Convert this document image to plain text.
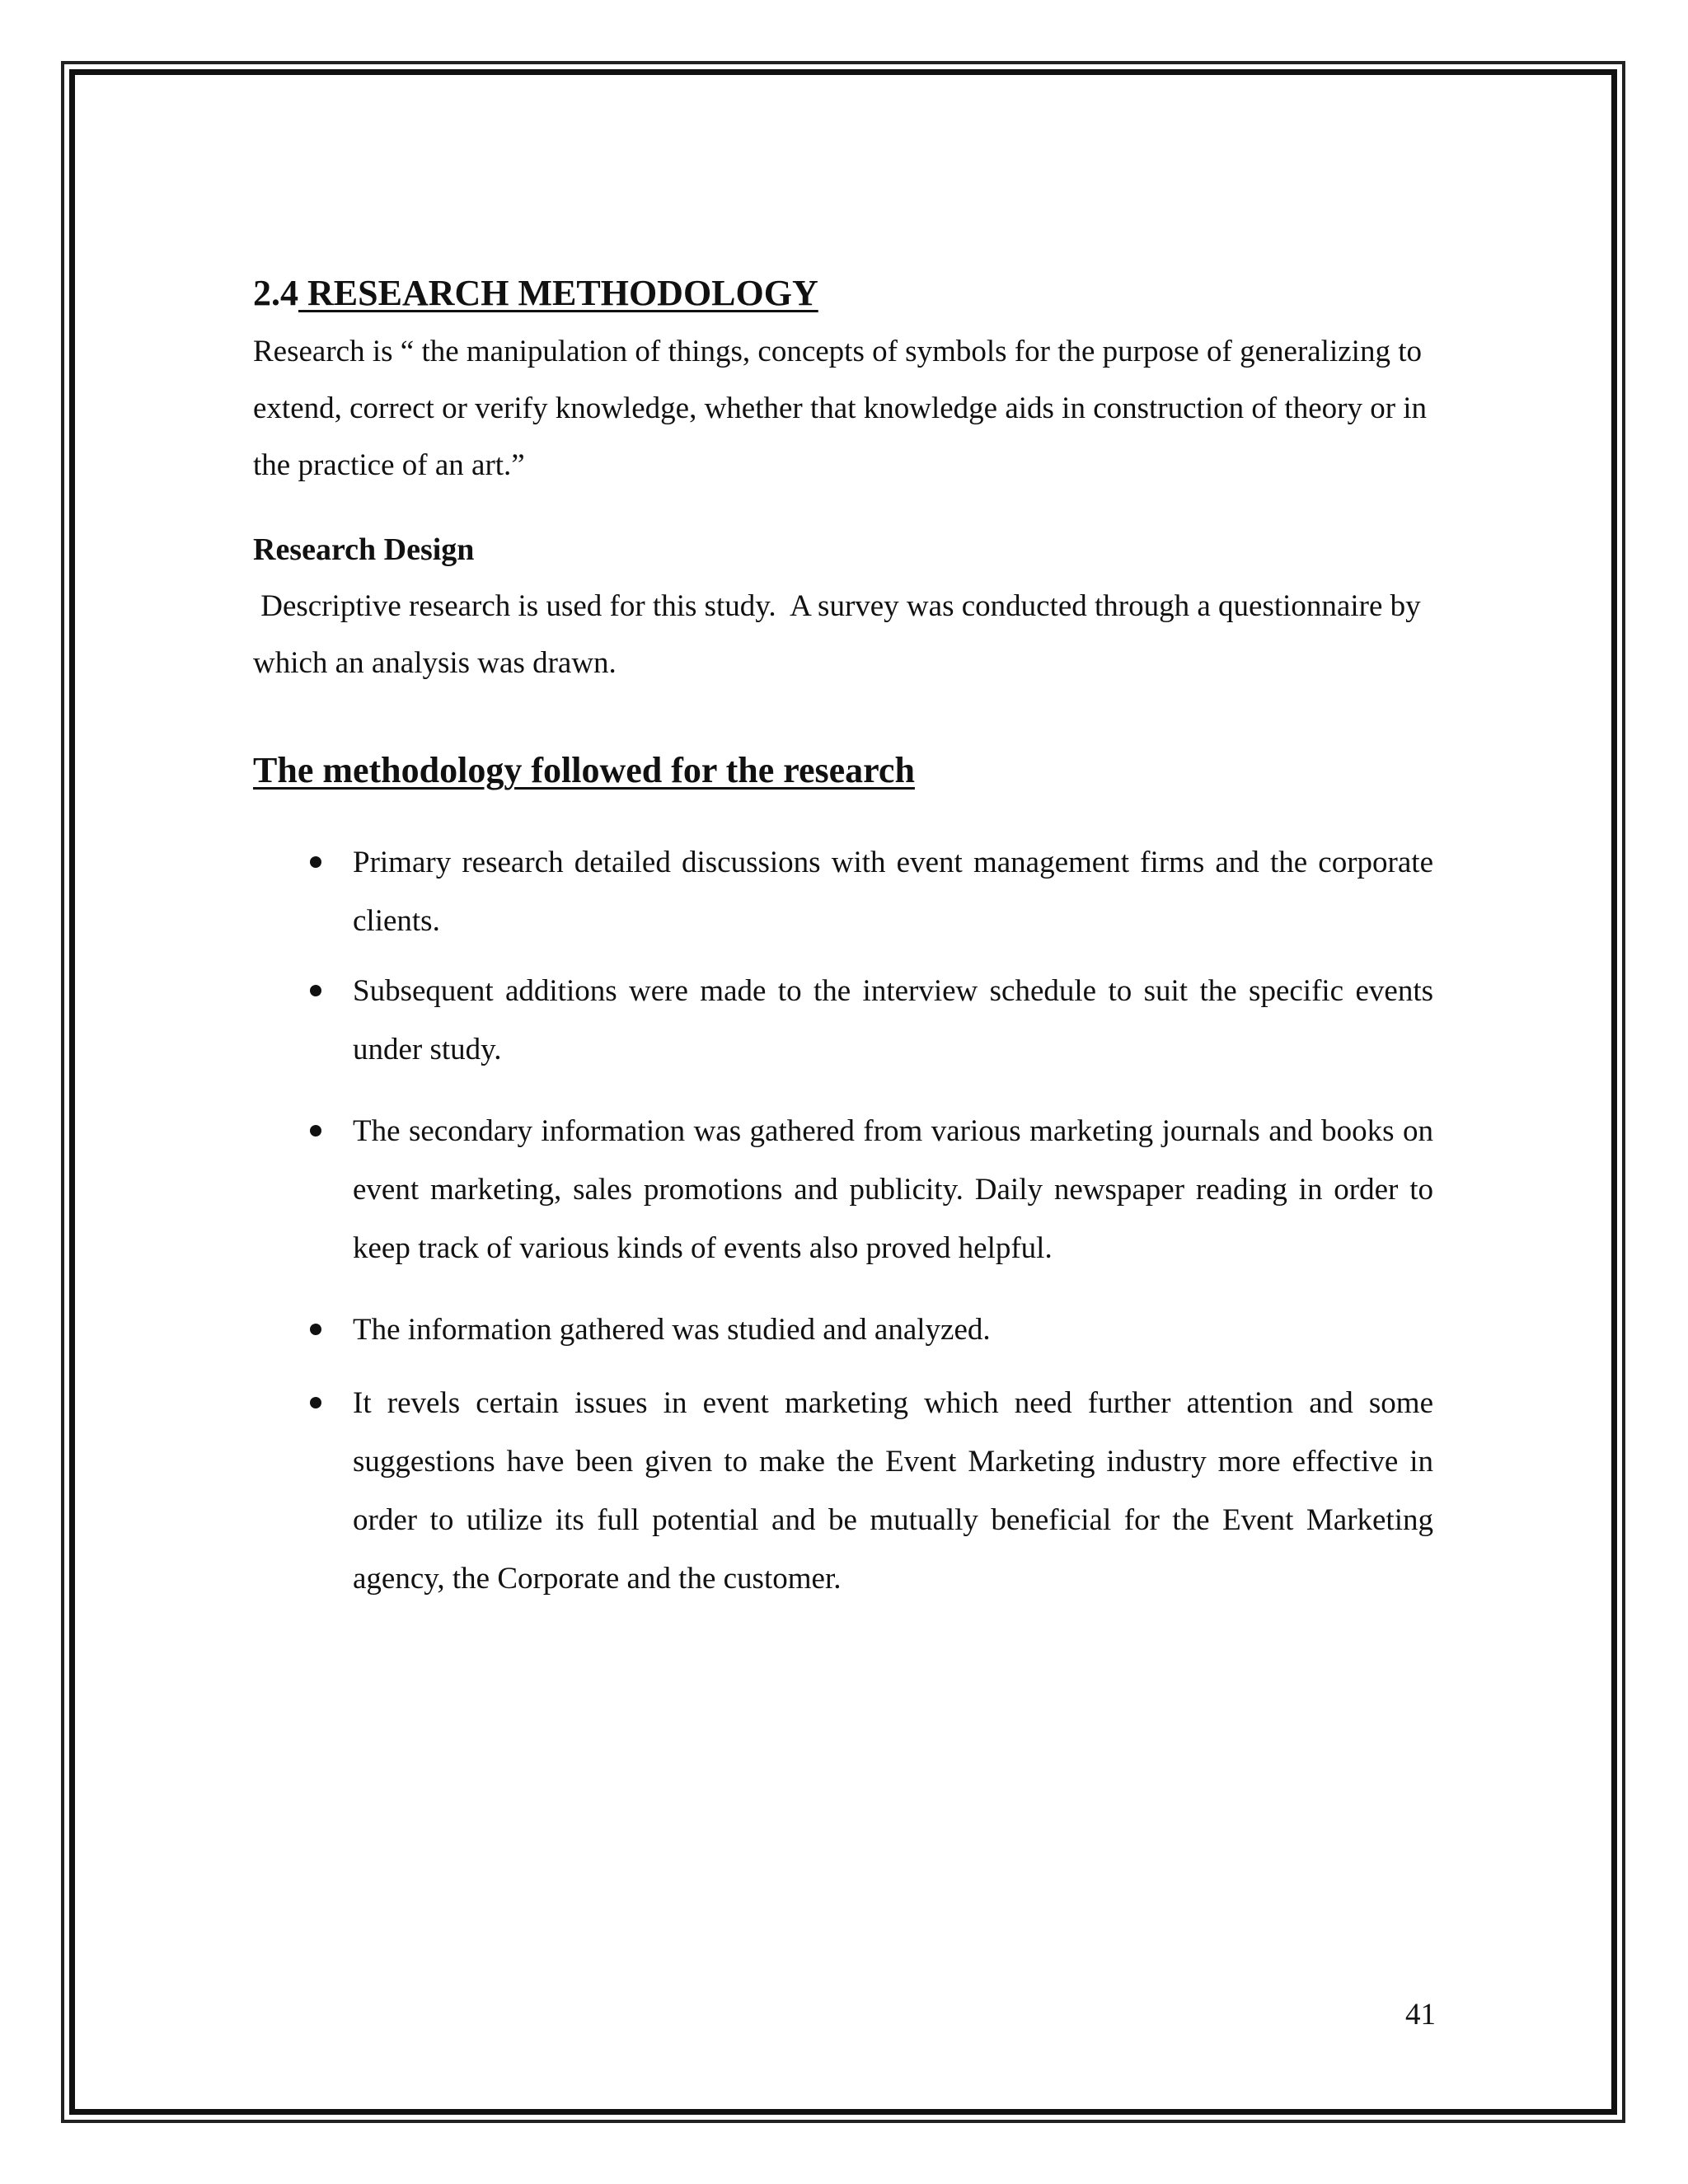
2.4 RESEARCH METHODOLOGY

Research is “ the manipulation of things, concepts of symbols for the purpose of generalizing to extend, correct or verify knowledge, whether that knowledge aids in construction of theory or in the practice of an art.”

Research Design

Descriptive research is used for this study.  A survey was conducted through a questionnaire by which an analysis was drawn.

The methodology followed for the research
Primary research detailed discussions with event management firms and the corporate clients.
Subsequent additions were made to the interview schedule to suit the specific events under study.
The secondary information was gathered from various marketing journals and books on event marketing, sales promotions and publicity. Daily newspaper reading in order to keep track of various kinds of events also proved helpful.
The information gathered was studied and analyzed.
It revels certain issues in event marketing which need further attention and some suggestions have been given to make the Event Marketing industry more effective in order to utilize its full potential and be mutually beneficial for the Event Marketing agency, the Corporate and the customer.
41
